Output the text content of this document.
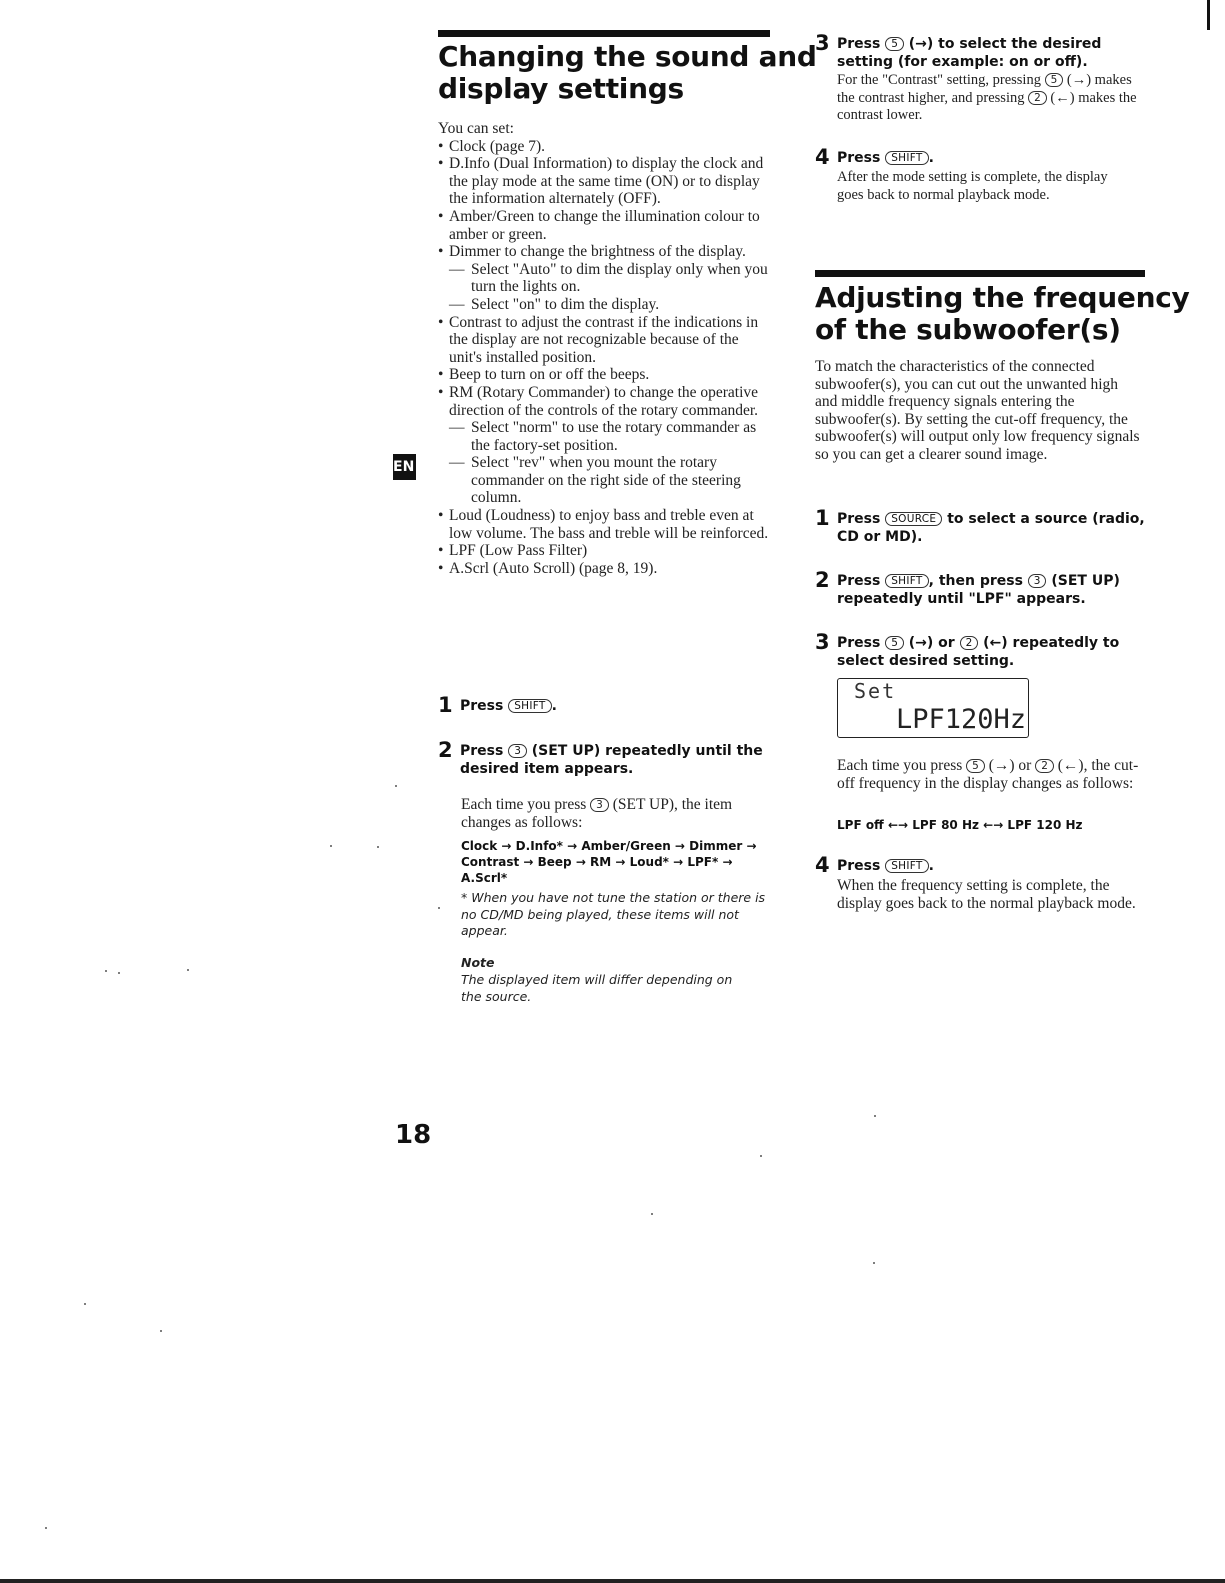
EN
Changing the sound and
display settings

You can set:

• Clock (page 7).
• D.Info (Dual Information) to display the clock and the play mode at the same time (ON) or to display the information alternately (OFF).
• Amber/Green to change the illumination colour to amber or green.
• Dimmer to change the brightness of the display.
— Select "Auto" to dim the display only when you turn the lights on.
— Select "on" to dim the display.
• Contrast to adjust the contrast if the indications in the display are not recognizable because of the unit's installed position.
• Beep to turn on or off the beeps.
• RM (Rotary Commander) to change the operative direction of the controls of the rotary commander.
— Select "norm" to use the rotary commander as the factory-set position.
— Select "rev" when you mount the rotary commander on the right side of the steering column.
• Loud (Loudness) to enjoy bass and treble even at low volume. The bass and treble will be reinforced.
• LPF (Low Pass Filter)
• A.Scrl (Auto Scroll) (page 8, 19).
1 Press SHIFT .
2 Press 3 (SET UP) repeatedly until the desired item appears.
Each time you press 3 (SET UP), the item changes as follows:
Clock → D.Info* → Amber/Green → Dimmer → Contrast → Beep → RM → Loud* → LPF* → A.Scrl*
* When you have not tune the station or there is no CD/MD being played, these items will not appear.
Note
The displayed item will differ depending on the source.
18
3 Press 5 (→) to select the desired setting (for example: on or off).
For the "Contrast" setting, pressing 5 (→) makes the contrast higher, and pressing 2 (←) makes the contrast lower.
4 Press SHIFT .
After the mode setting is complete, the display goes back to normal playback mode.
Adjusting the frequency
of the subwoofer(s)
To match the characteristics of the connected subwoofer(s), you can cut out the unwanted high and middle frequency signals entering the subwoofer(s). By setting the cut-off frequency, the subwoofer(s) will output only low frequency signals so you can get a clearer sound image.
1 Press SOURCE to select a source (radio, CD or MD).
2 Press SHIFT , then press 3 (SET UP) repeatedly until "LPF" appears.
3 Press 5 (→) or 2 (←) repeatedly to select desired setting.
Set
LPF120Hz
Each time you press 5 (→) or 2 (←), the cut-off frequency in the display changes as follows:
LPF off ←→ LPF 80 Hz ←→ LPF 120 Hz
4 Press SHIFT .
When the frequency setting is complete, the display goes back to the normal playback mode.
